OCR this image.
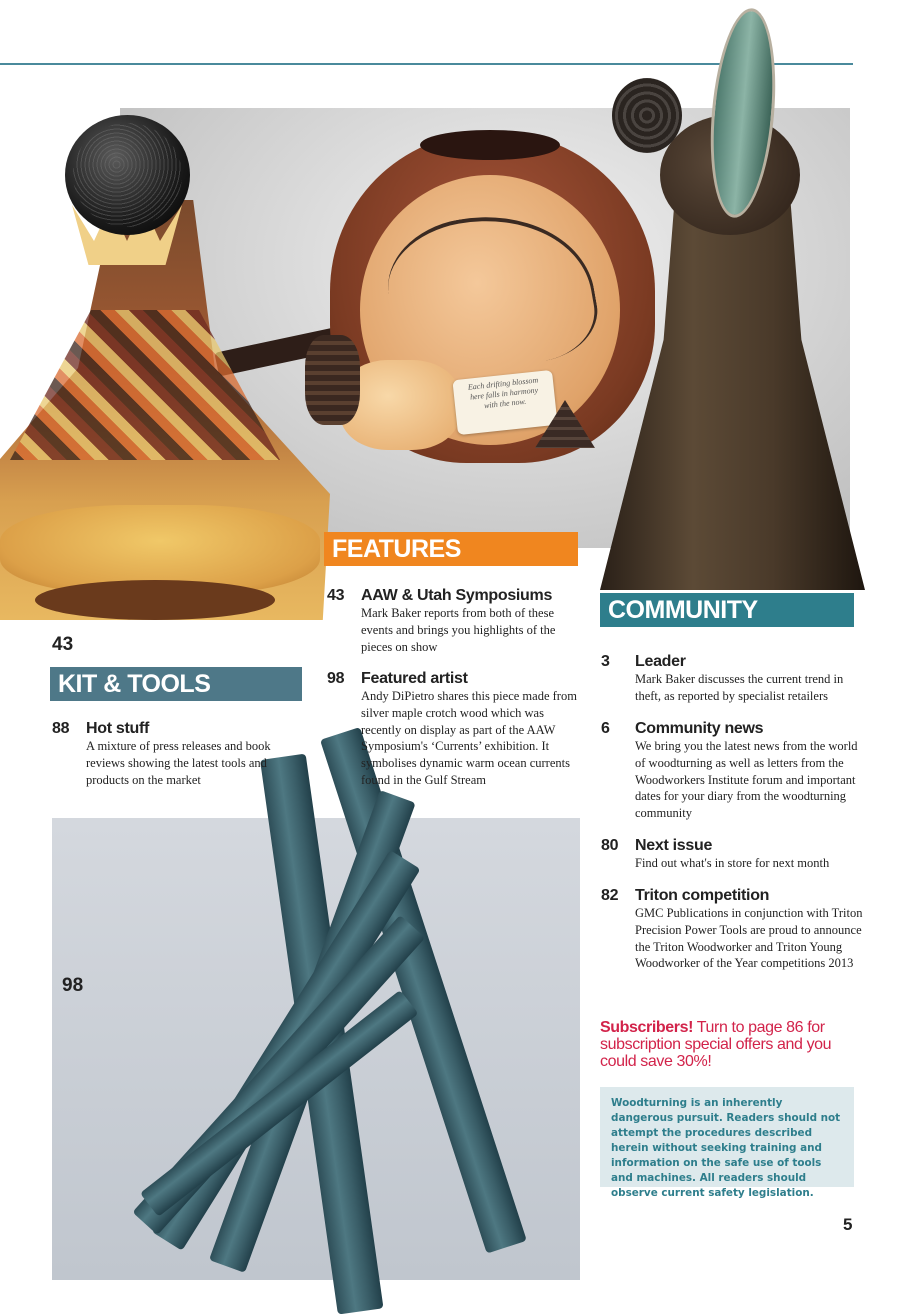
Each drifting blossom here falls in harmony with the now.
43
98
FEATURES
43	AAW & Utah Symposiums
Mark Baker reports from both of these events and brings you highlights of the pieces on show
98	Featured artist
Andy DiPietro shares this piece made from silver maple crotch wood which was recently on display as part of the AAW Symposium's ‘Currents’ exhibition. It symbolises dynamic warm ocean currents found in the Gulf Stream
KIT & TOOLS
88	Hot stuff
A mixture of press releases and book reviews showing the latest tools and products on the market
COMMUNITY
3	Leader
Mark Baker discusses the current trend in theft, as reported by specialist retailers
6	Community news
We bring you the latest news from the world of woodturning as well as letters from the Woodworkers Institute forum and important dates for your diary from the woodturning community
80	Next issue
Find out what's in store for next month
82	Triton competition
GMC Publications in conjunction with Triton Precision Power Tools are proud to announce the Triton Woodworker and Triton Young Woodworker of the Year competitions 2013
Subscribers! Turn to page 86 for subscription special offers and you could save 30%!
Woodturning is an inherently dangerous pursuit. Readers should not attempt the procedures described herein without seeking training and information on the safe use of tools and machines. All readers should observe current safety legislation.
5
